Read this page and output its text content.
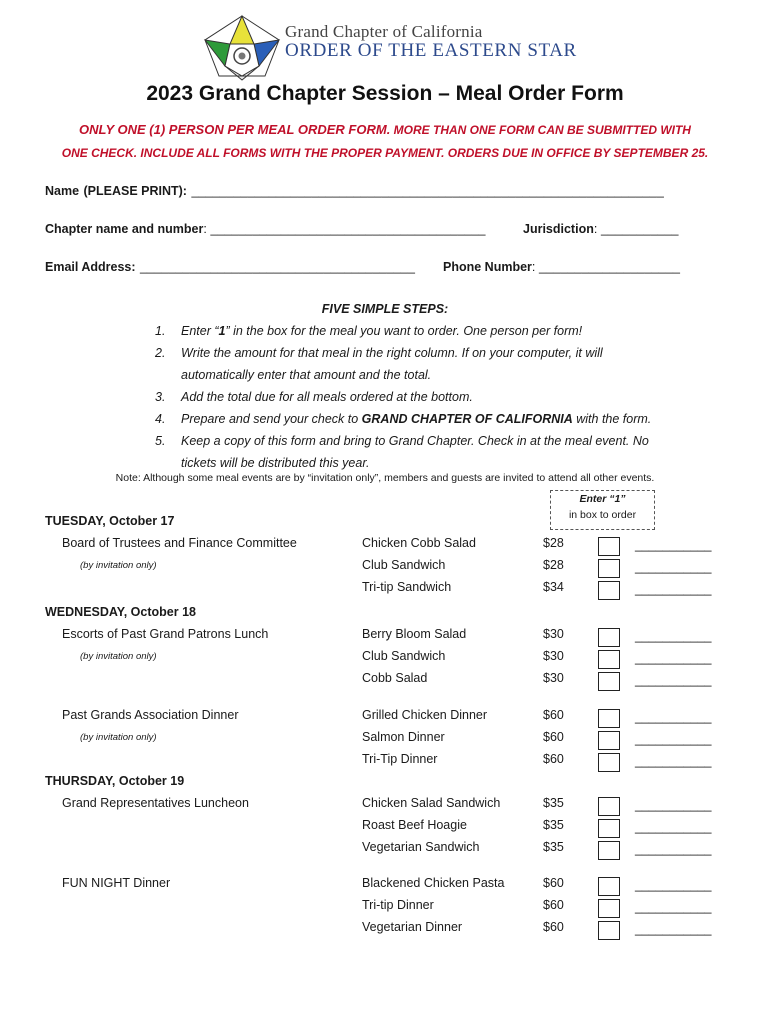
Grand Chapter of California
ORDER OF THE EASTERN STAR
2023 Grand Chapter Session – Meal Order Form
ONLY ONE (1) PERSON PER MEAL ORDER FORM. MORE THAN ONE FORM CAN BE SUBMITTED WITH
ONE CHECK. INCLUDE ALL FORMS WITH THE PROPER PAYMENT. ORDERS DUE IN OFFICE BY SEPTEMBER 25.
Name (PLEASE PRINT): ___________________________________________________________________
Chapter name and number: _______________________________________	Jurisdiction: ___________
Email Address: _______________________________________ Phone Number: ____________________
FIVE SIMPLE STEPS:
1.	Enter “1” in the box for the meal you want to order. One person per form!
2.	Write the amount for that meal in the right column. If on your computer, it will
automatically enter that amount and the total.
3.	Add the total due for all meals ordered at the bottom.
4.	Prepare and send your check to GRAND CHAPTER OF CALIFORNIA with the form.
5.	Keep a copy of this form and bring to Grand Chapter. Check in at the meal event. No
tickets will be distributed this year.
Note: Although some meal events are by “invitation only”, members and guests are invited to attend all other events.
Enter “1”
in box to order
TUESDAY, October 17
WEDNESDAY, October 18
THURSDAY, October 19
Board of Trustees and Finance Committee
(by invitation only)
Chicken Cobb Salad	$28	___________
Club Sandwich	$28	___________
Tri-tip Sandwich	$34	___________
Escorts of Past Grand Patrons Lunch
(by invitation only)
Berry Bloom Salad	$30	___________
Club Sandwich	$30	___________
Cobb Salad	$30	___________
Past Grands Association Dinner
(by invitation only)
Grilled Chicken Dinner	$60	___________
Salmon Dinner	$60	___________
Tri-Tip Dinner	$60	___________
Grand Representatives Luncheon	Chicken Salad Sandwich	$35	___________
Roast Beef Hoagie	$35	___________
Vegetarian Sandwich	$35	___________
FUN NIGHT Dinner	Blackened Chicken Pasta	$60	___________
Tri-tip Dinner	$60	___________
Vegetarian Dinner	$60	___________
